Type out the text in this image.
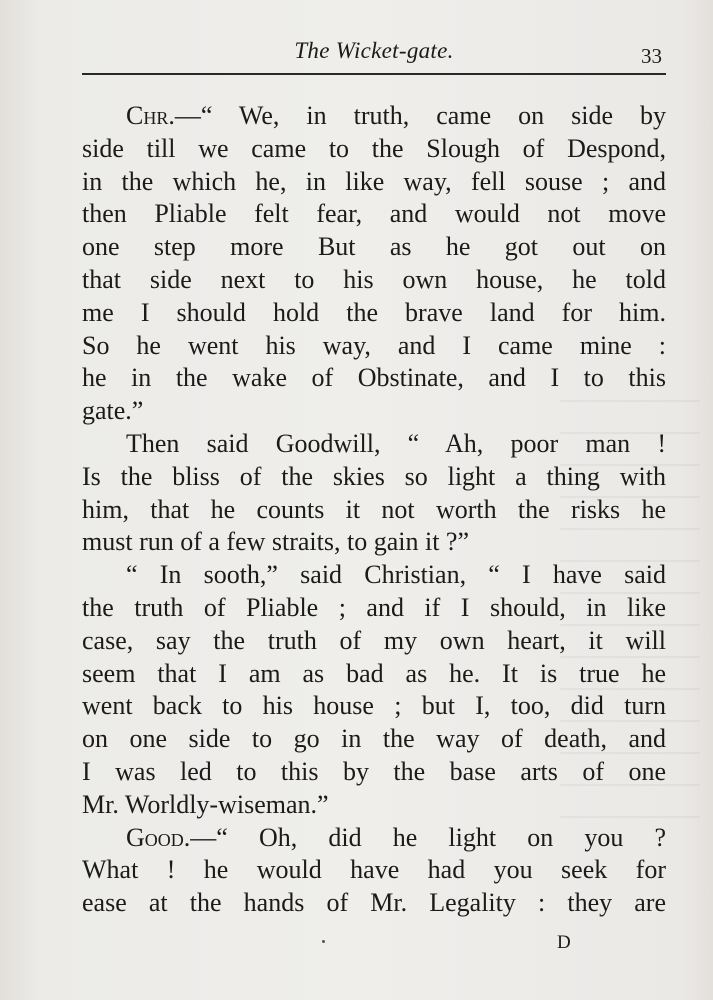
The Wicket-gate.	33
Chr.—“ We, in truth, came on side by
side till we came to the Slough of Despond,
in the which he, in like way, fell souse ; and
then Pliable felt fear, and would not move
one step more But as he got out on
that side next to his own house, he told
me I should hold the brave land for him.
So he went his way, and I came mine :
he in the wake of Obstinate, and I to this
gate.”
Then said Goodwill, “ Ah, poor man !
Is the bliss of the skies so light a thing with
him, that he counts it not worth the risks he
must run of a few straits, to gain it ?”
“ In sooth,” said Christian, “ I have said
the truth of Pliable ; and if I should, in like
case, say the truth of my own heart, it will
seem that I am as bad as he. It is true he
went back to his house ; but I, too, did turn
on one side to go in the way of death, and
I was led to this by the base arts of one
Mr. Worldly-wiseman.”
Good.—“ Oh, did he light on you ?
What ! he would have had you seek for
ease at the hands of Mr. Legality : they are
D
